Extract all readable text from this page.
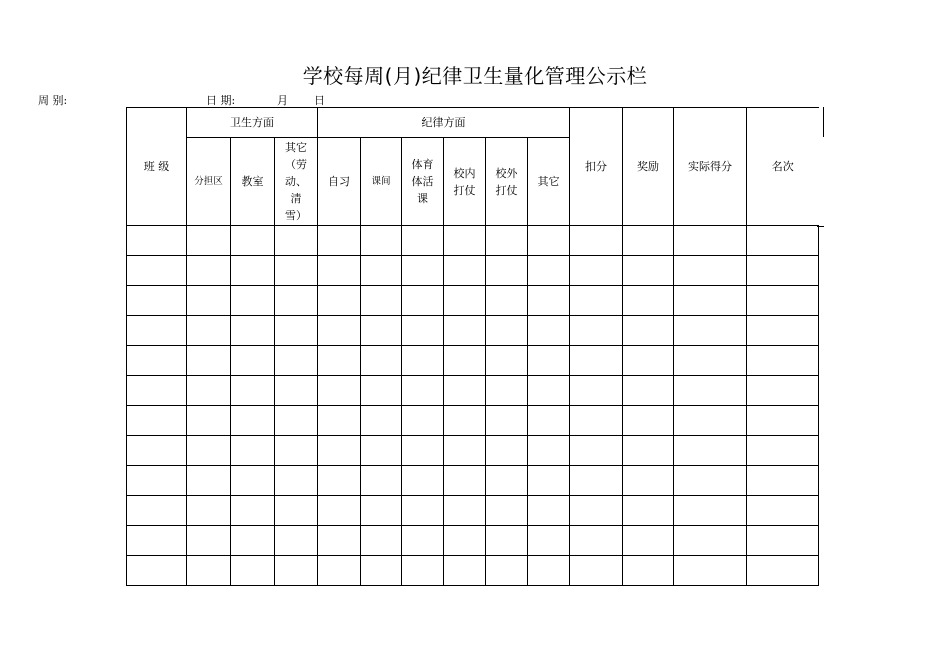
学校每周(月)纪律卫生量化管理公示栏
周 别:	日 期:	月 日
班 级	卫生方面			纪律方面						扣分	奖励	实际得分	名次
	分担区	教室	其它
（劳
动、
清
雪）	自习	课间	体育
体活
课	校内
打仗	校外
打仗	其它				
